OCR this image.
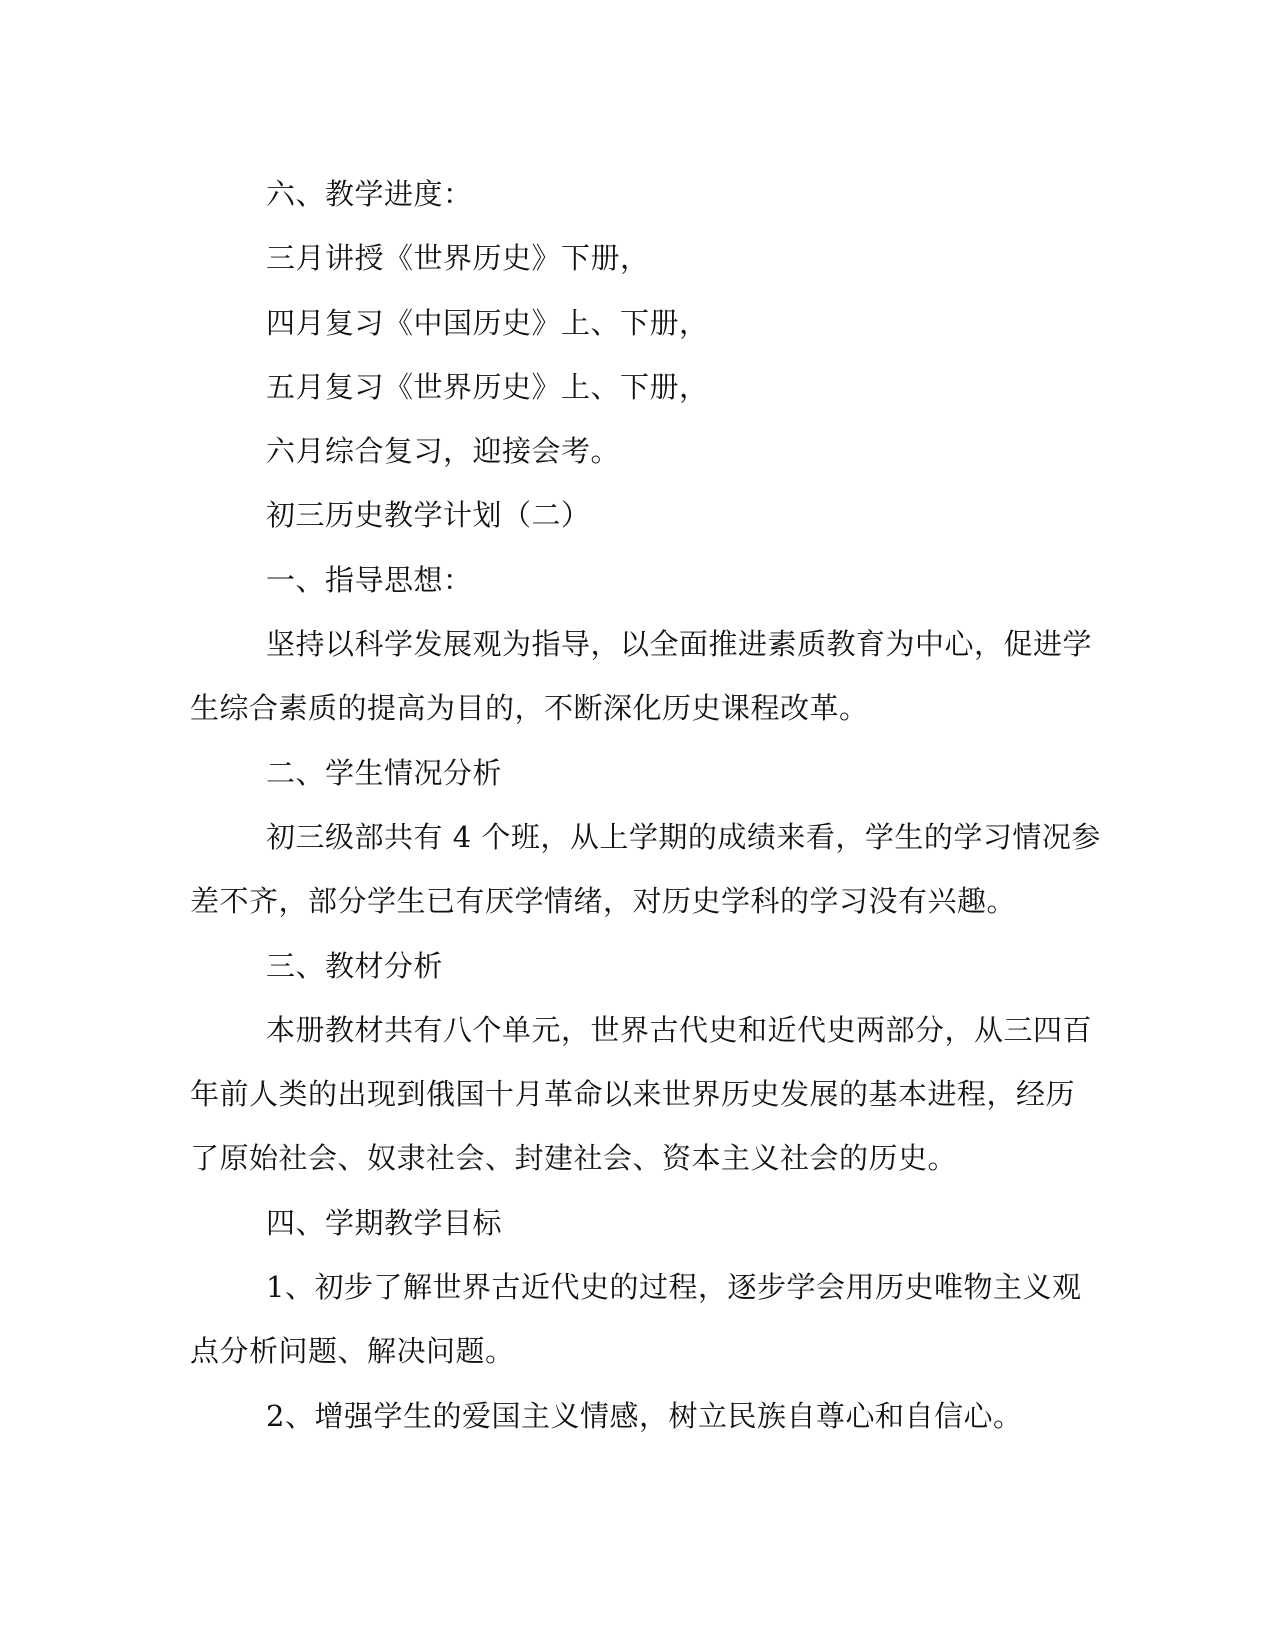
六、教学进度：
三月讲授《世界历史》下册，
四月复习《中国历史》上、下册，
五月复习《世界历史》上、下册，
六月综合复习，迎接会考。
初三历史教学计划（二）
一、指导思想：
坚持以科学发展观为指导，以全面推进素质教育为中心，促进学
生综合素质的提高为目的，不断深化历史课程改革。
二、学生情况分析
初三级部共有 4 个班，从上学期的成绩来看，学生的学习情况参
差不齐，部分学生已有厌学情绪，对历史学科的学习没有兴趣。
三、教材分析
本册教材共有八个单元，世界古代史和近代史两部分，从三四百
年前人类的出现到俄国十月革命以来世界历史发展的基本进程，经历
了原始社会、奴隶社会、封建社会、资本主义社会的历史。
四、学期教学目标
1、初步了解世界古近代史的过程，逐步学会用历史唯物主义观
点分析问题、解决问题。
2、增强学生的爱国主义情感，树立民族自尊心和自信心。
